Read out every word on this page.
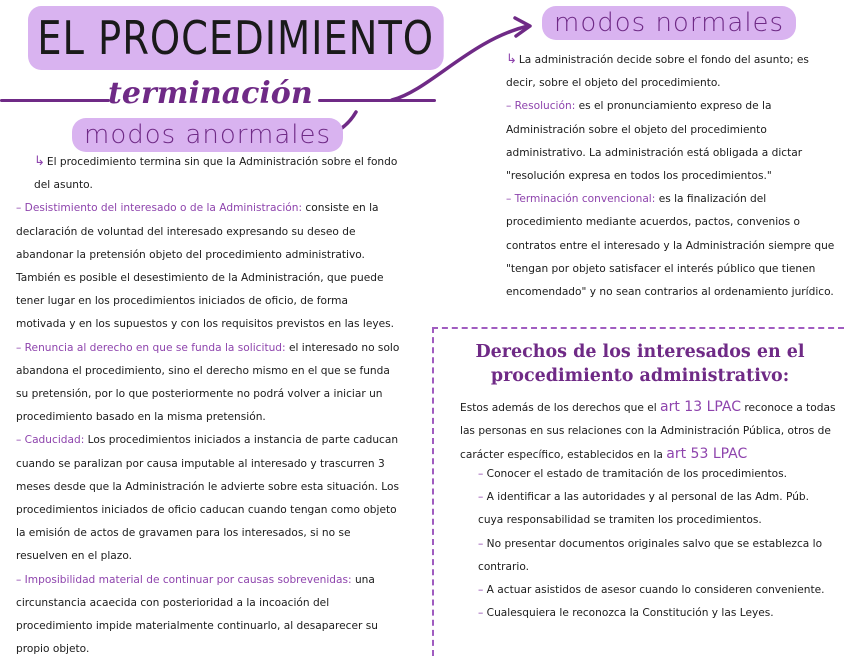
EL PROCEDIMIENTO
terminación
modos anormales

↳ El procedimiento termina sin que la Administración sobre el fondo del asunto.

– Desistimiento del interesado o de la Administración: consiste en la declaración de voluntad del interesado expresando su deseo de abandonar la pretensión objeto del procedimiento administrativo. También es posible el desestimiento de la Administración, que puede tener lugar en los procedimientos iniciados de oficio, de forma motivada y en los supuestos y con los requisitos previstos en las leyes.

– Renuncia al derecho en que se funda la solicitud: el interesado no solo abandona el procedimiento, sino el derecho mismo en el que se funda su pretensión, por lo que posteriormente no podrá volver a iniciar un procedimiento basado en la misma pretensión.

– Caducidad: Los procedimientos iniciados a instancia de parte caducan cuando se paralizan por causa imputable al interesado y trascurren 3 meses desde que la Administración le advierte sobre esta situación. Los procedimientos iniciados de oficio caducan cuando tengan como objeto la emisión de actos de gravamen para los interesados, si no se resuelven en el plazo.

– Imposibilidad material de continuar por causas sobrevenidas: una circunstancia acaecida con posterioridad a la incoación del procedimiento impide materialmente continuarlo, al desaparecer su propio objeto.

modos normales

↳ La administración decide sobre el fondo del asunto; es decir, sobre el objeto del procedimiento.

– Resolución: es el pronunciamiento expreso de la Administración sobre el objeto del procedimiento administrativo. La administración está obligada a dictar "resolución expresa en todos los procedimientos."

– Terminación convencional: es la finalización del procedimiento mediante acuerdos, pactos, convenios o contratos entre el interesado y la Administración siempre que "tengan por objeto satisfacer el interés público que tienen encomendado" y no sean contrarios al ordenamiento jurídico.

Derechos de los interesados en el procedimiento administrativo:

Estos además de los derechos que el art 13 LPAC reconoce a todas las personas en sus relaciones con la Administración Pública, otros de carácter específico, establecidos en la art 53 LPAC

– Conocer el estado de tramitación de los procedimientos.
– A identificar a las autoridades y al personal de las Adm. Púb. cuya responsabilidad se tramiten los procedimientos.
– No presentar documentos originales salvo que se establezca lo contrario.
– A actuar asistidos de asesor cuando lo consideren conveniente.
– Cualesquiera le reconozca la Constitución y las Leyes.
